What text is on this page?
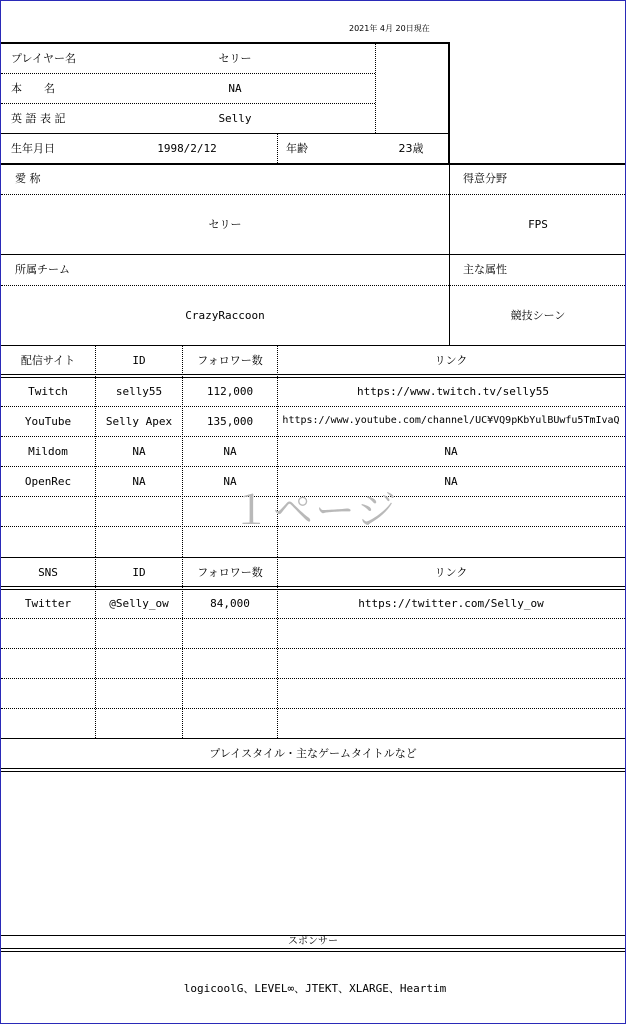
2021年 4月 20日現在
プレイヤー名	セリー
本　　名	NA
英 語 表 記	Selly
生年月日	1998/2/12	年齢	23歳
愛 称
セリー
得意分野
FPS
所属チーム
CrazyRaccoon
主な属性
競技シーン
配信サイト	ID	フォロワー数	リンク
Twitch	selly55	112,000	https://www.twitch.tv/selly55
YouTube	Selly Apex	135,000	https://www.youtube.com/channel/UC¥VQ9pKbYulBUwfu5TmIvaQ
Mildom	NA	NA	NA
OpenRec	NA	NA	NA
１ページ
SNS	ID	フォロワー数	リンク
Twitter	@Selly_ow	84,000	https://twitter.com/Selly_ow
プレイスタイル・主なゲームタイトルなど
スポンサー
logicoolG、LEVEL∞、JTEKT、XLARGE、Heartim
